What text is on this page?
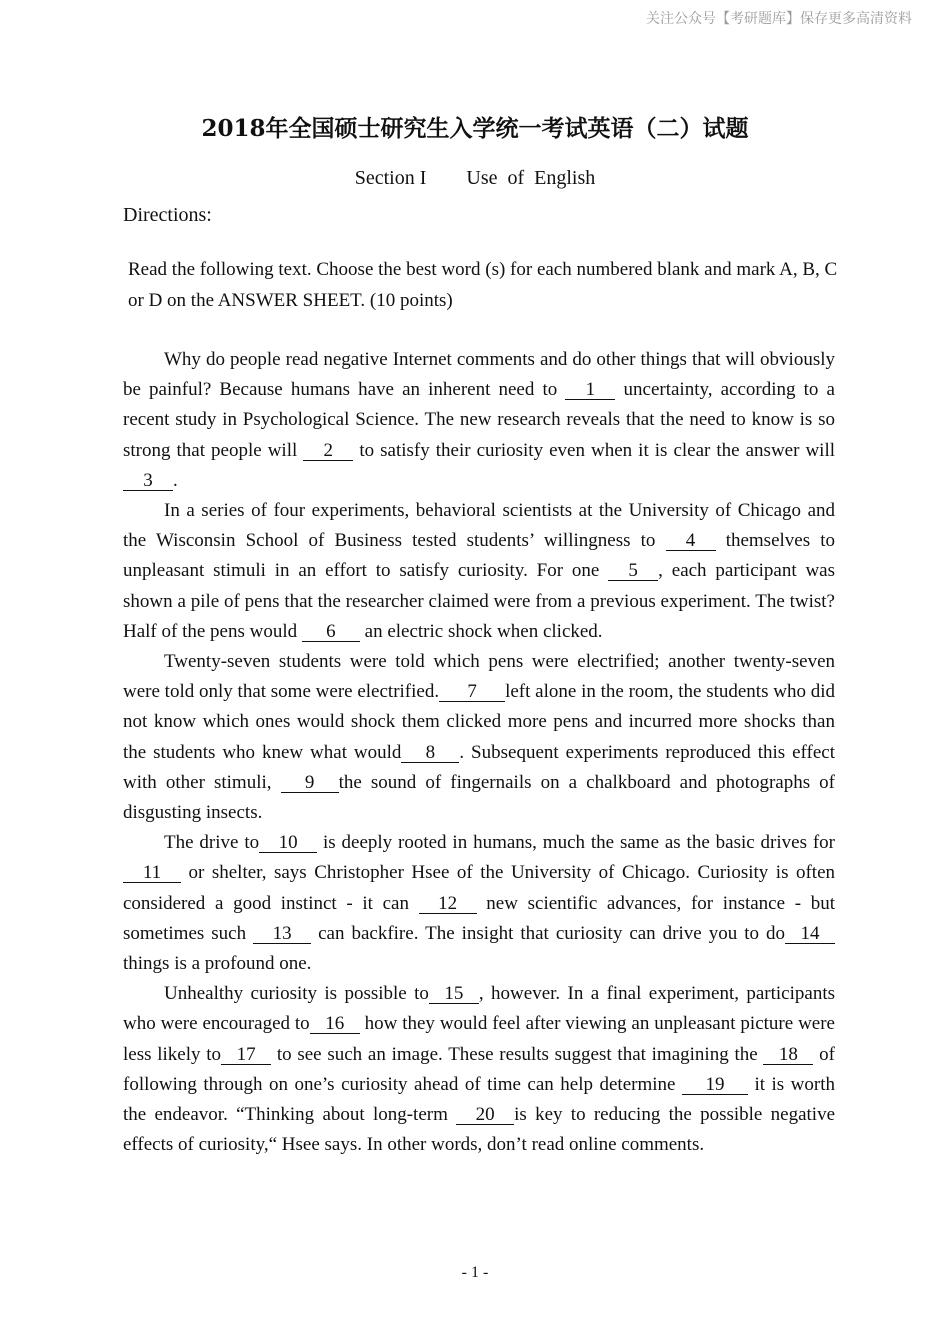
关注公众号【考研题库】保存更多高清资料
2018年全国硕士研究生入学统一考试英语（二）试题
Section I Use  of  English
Directions:
Read the following text. Choose the best word (s) for each numbered blank and mark A, B, C or D on the ANSWER SHEET. (10 points)

Why do people read negative Internet comments and do other things that will obviously be painful? Because humans have an inherent need to 1 uncertainty, according to a recent study in Psychological Science. The new research reveals that the need to know is so strong that people will 2 to satisfy their curiosity even when it is clear the answer will 3 .

In a series of four experiments, behavioral scientists at the University of Chicago and the Wisconsin School of Business tested students’ willingness to 4 themselves to unpleasant stimuli in an effort to satisfy curiosity. For one 5 , each participant was shown a pile of pens that the researcher claimed were from a previous experiment. The twist? Half of the pens would 6 an electric shock when clicked.

Twenty-seven students were told which pens were electrified; another twenty-seven were told only that some were electrified. 7 left alone in the room, the students who did not know which ones would shock them clicked more pens and incurred more shocks than the students who knew what would 8 . Subsequent experiments reproduced this effect with other stimuli, 9 the sound of fingernails on a chalkboard and photographs of disgusting insects.

The drive to 10 is deeply rooted in humans, much the same as the basic drives for11 or shelter, says Christopher Hsee of the University of Chicago. Curiosity is often considered a good instinct - it can 12 new scientific advances, for instance - but sometimes such 13 can backfire. The insight that curiosity can drive you to do 14 things is a profound one.

Unhealthy curiosity is possible to 15 , however. In a final experiment, participants who were encouraged to 16 how they would feel after viewing an unpleasant picture were less likely to 17 to see such an image. These results suggest that imagining the 18 of following through on one’s curiosity ahead of time can help determine 19 it is worth the endeavor. “Thinking about long-term 20 is key to reducing the possible negative effects of curiosity,“ Hsee says. In other words, don’t read online comments.

- 1 -
